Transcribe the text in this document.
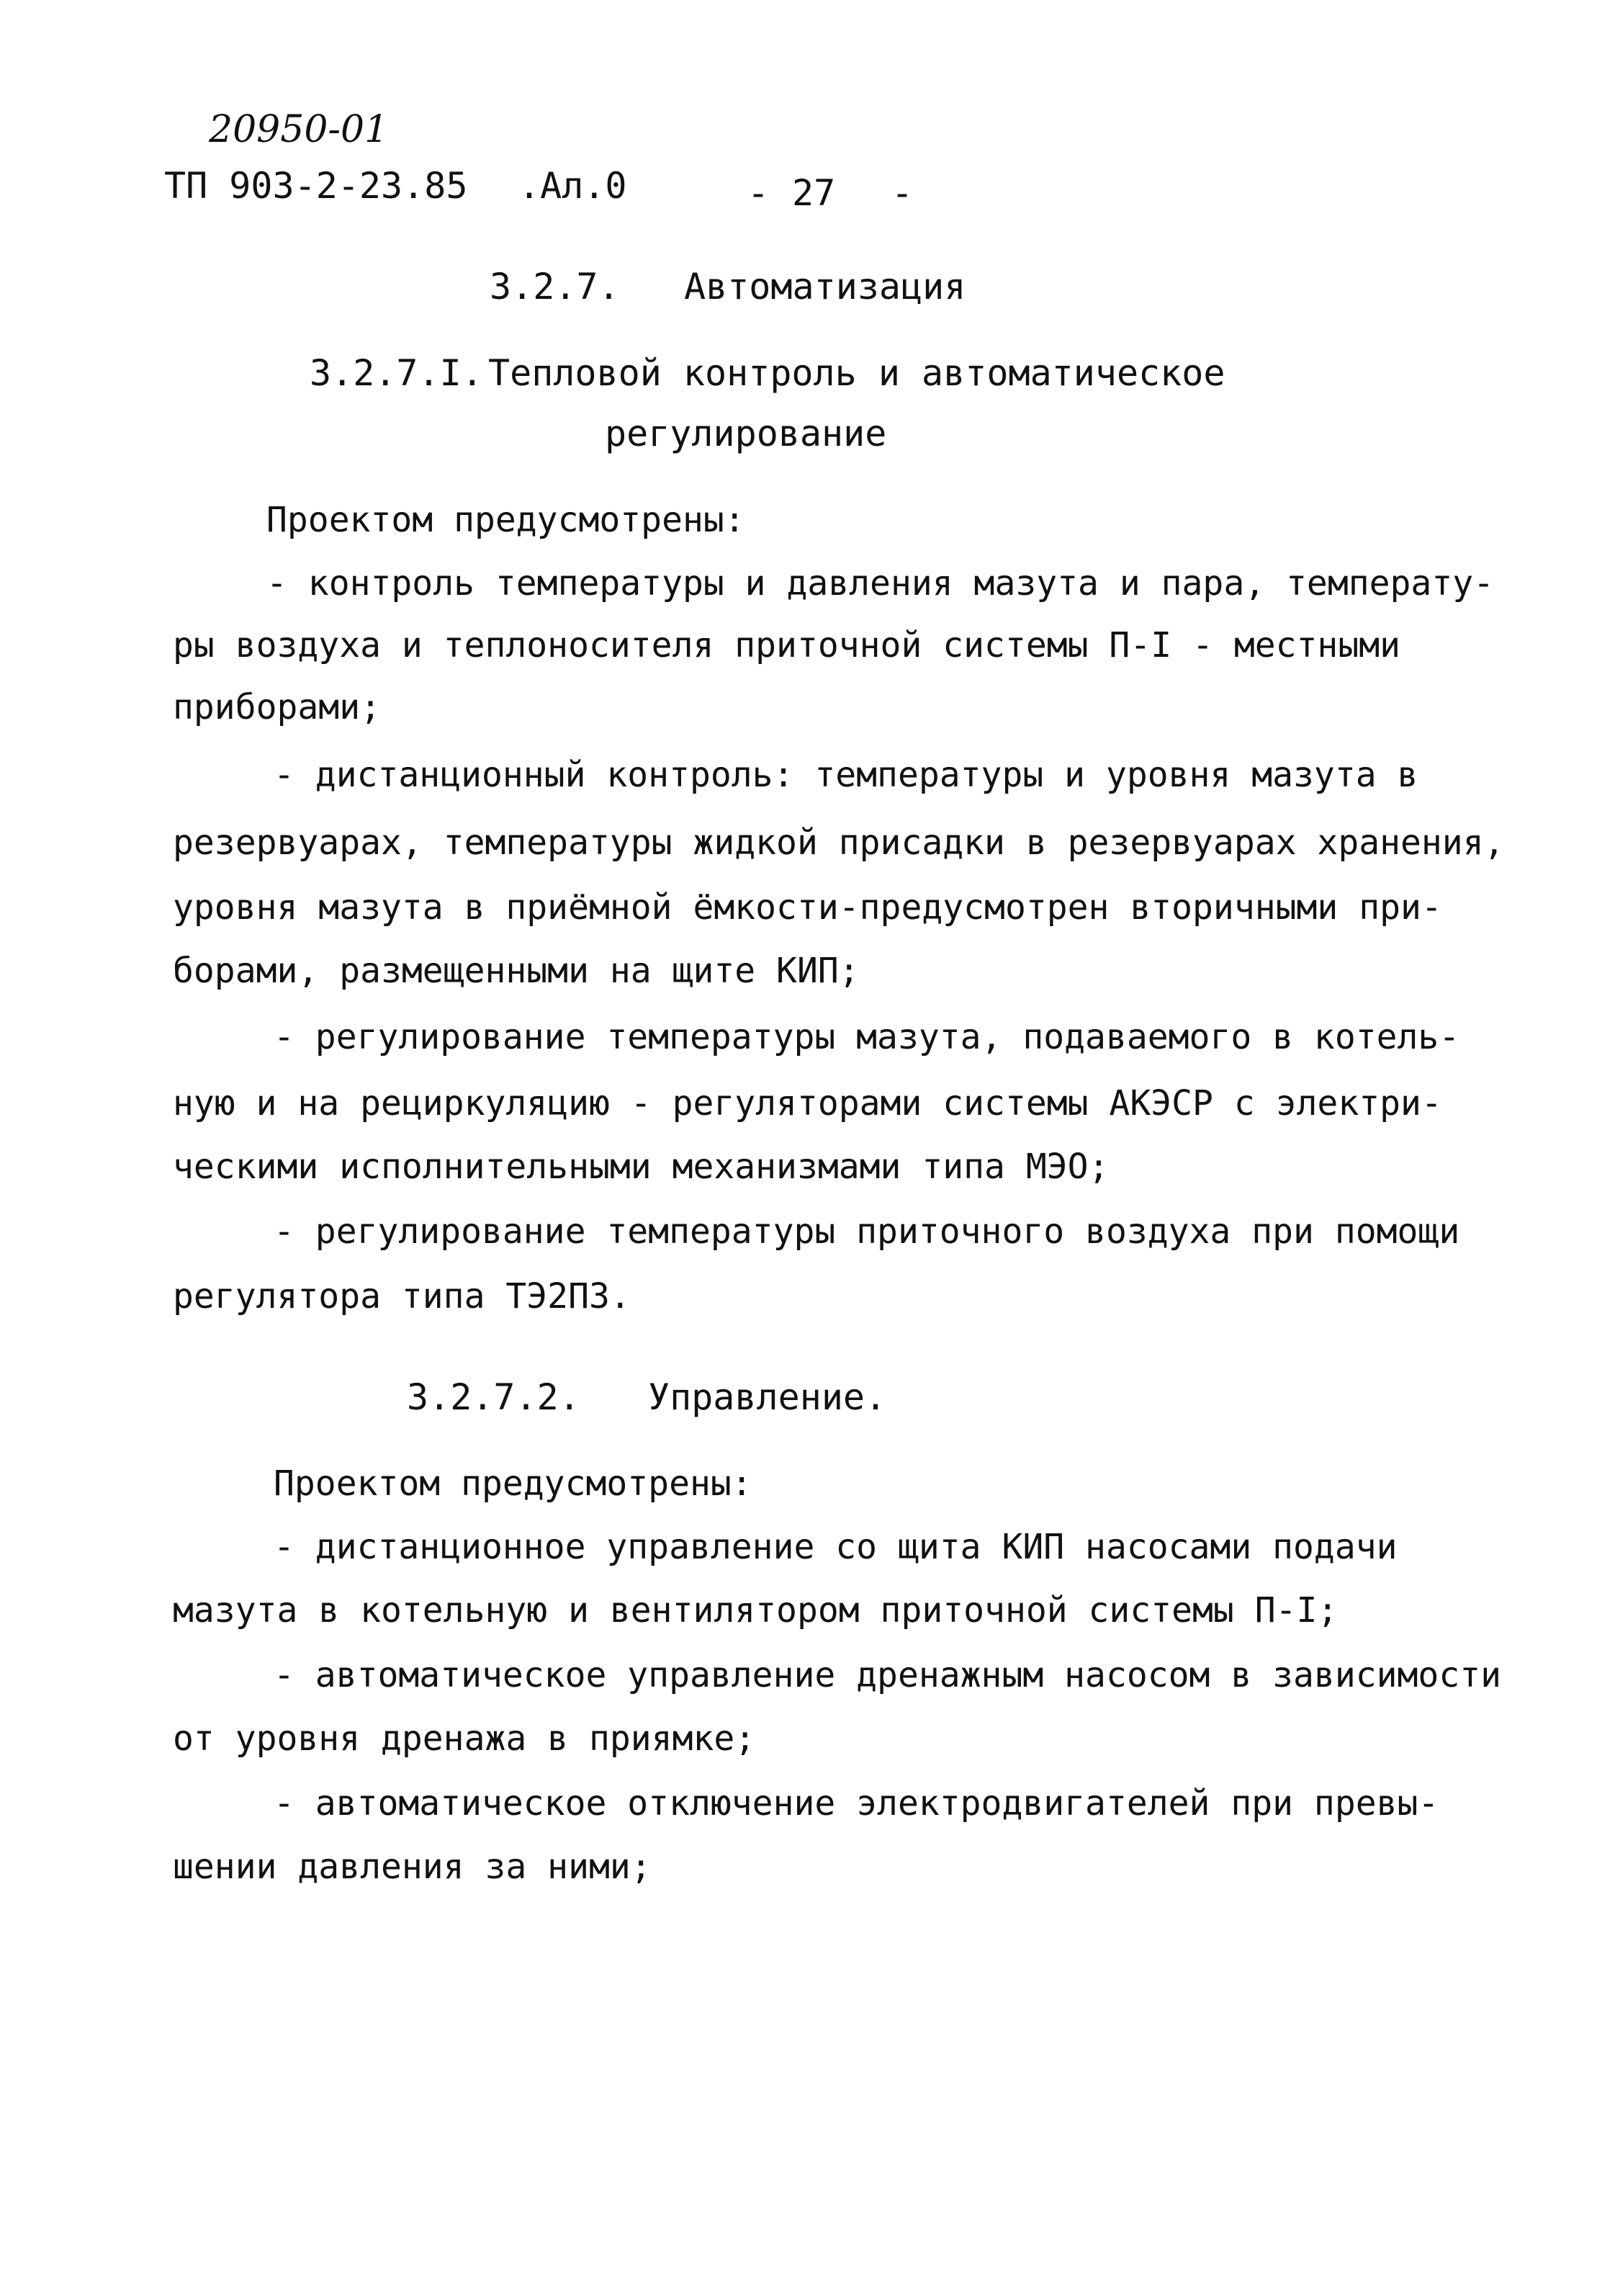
20950-01
ТП 903-2-23.85 .Ал.0	- 27 -
3.2.7. Автоматизация
3.2.7.I. Тепловой контроль и автоматическое
регулирование
Проектом предусмотрены:
- контроль температуры и давления мазута и пара, температу-
ры воздуха и теплоносителя приточной системы П-I - местными
приборами;
- дистанционный контроль: температуры и уровня мазута в
резервуарах, температуры жидкой присадки в резервуарах хранения,
уровня мазута в приёмной ёмкости-предусмотрен вторичными при-
борами, размещенными на щите КИП;
- регулирование температуры мазута, подаваемого в котель-
ную и на рециркуляцию - регуляторами системы АКЭСР с электри-
ческими исполнительными механизмами типа МЭО;
- регулирование температуры приточного воздуха при помощи
регулятора типа ТЭ2ПЗ.
3.2.7.2. Управление.
Проектом предусмотрены:
- дистанционное управление со щита КИП насосами подачи
мазута в котельную и вентилятором приточной системы П-I;
- автоматическое управление дренажным насосом в зависимости
от уровня дренажа в приямке;
- автоматическое отключение электродвигателей при превы-
шении давления за ними;
